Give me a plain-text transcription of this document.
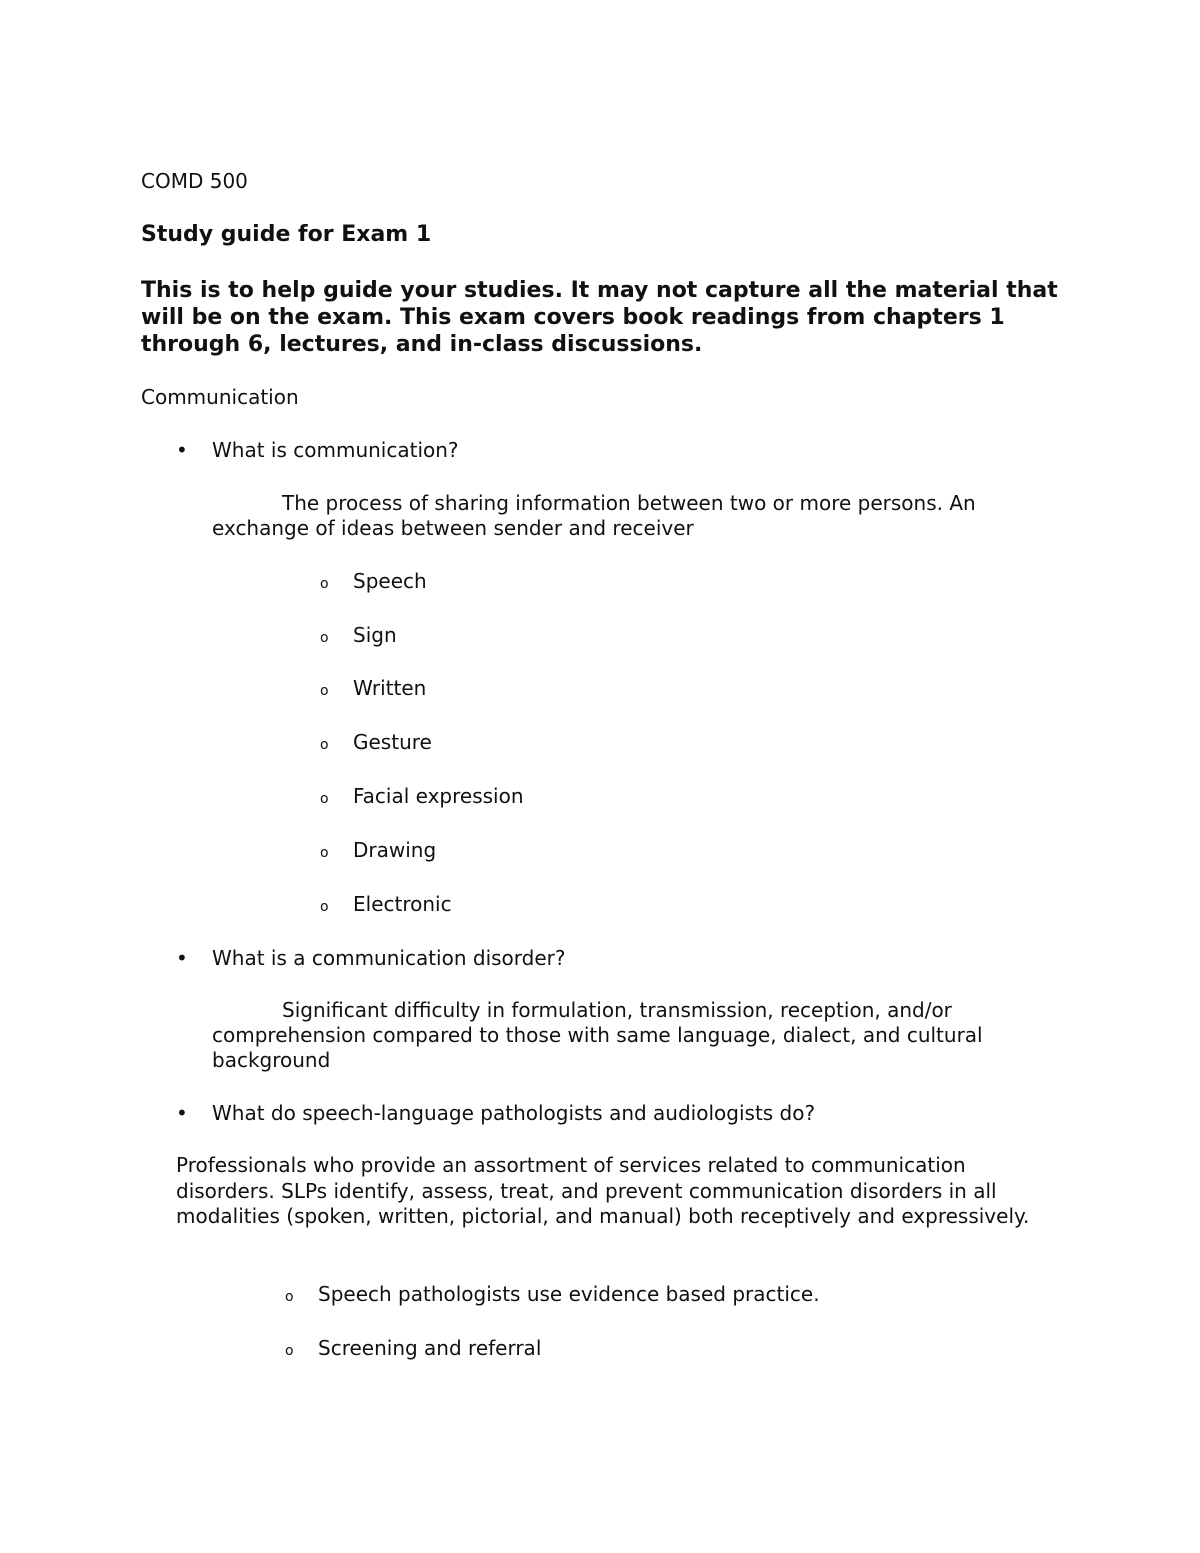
COMD 500

Study guide for Exam 1

This is to help guide your studies. It may not capture all the material that will be on the exam. This exam covers book readings from chapters 1 through 6, lectures, and in-class discussions.

Communication

•	What is communication?

The process of sharing information between two or more persons. An exchange of ideas between sender and receiver

o Speech
o Sign
o Written
o Gesture
o Facial expression
o Drawing
o Electronic
•	What is a communication disorder?

Significant difficulty in formulation, transmission, reception, and/or comprehension compared to those with same language, dialect, and cultural background

•	What do speech-language pathologists and audiologists do?

Professionals who provide an assortment of services related to communication disorders. SLPs identify, assess, treat, and prevent communication disorders in all modalities (spoken, written, pictorial, and manual) both receptively and expressively.

o Speech pathologists use evidence based practice.
o Screening and referral
